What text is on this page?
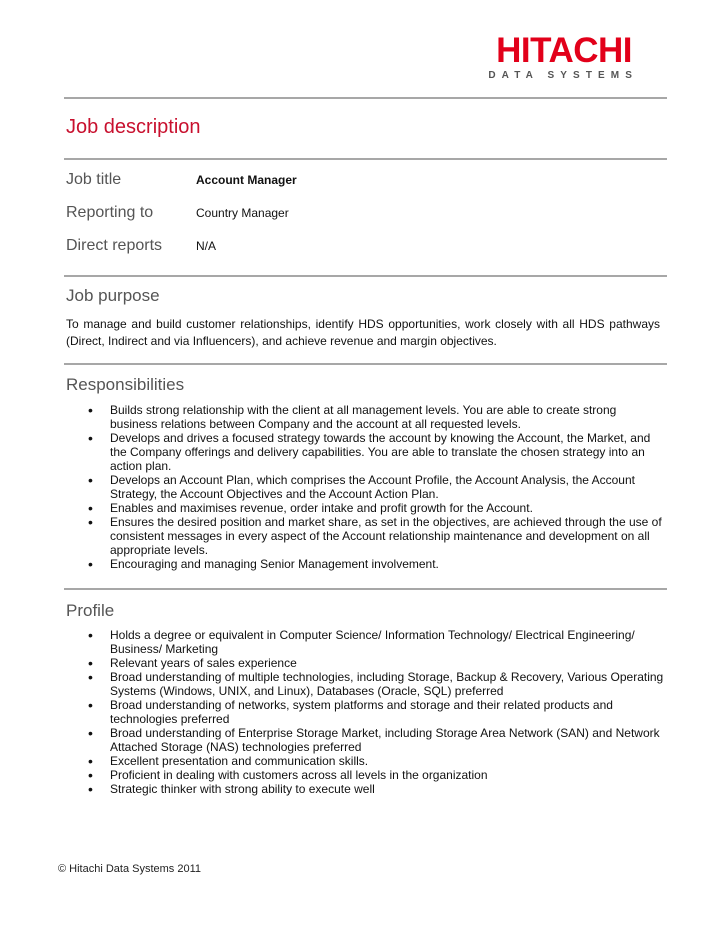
HITACHI
DATA SYSTEMS
Job description
Job title	Account Manager
Reporting to	Country Manager
Direct reports	N/A
Job purpose
To manage and build customer relationships, identify HDS opportunities, work closely with all HDS pathways (Direct, Indirect and via Influencers), and achieve revenue and margin objectives.
Responsibilities
• Builds strong relationship with the client at all management levels. You are able to create strong business relations between Company and the account at all requested levels.
• Develops and drives a focused strategy towards the account by knowing the Account, the Market, and the Company offerings and delivery capabilities. You are able to translate the chosen strategy into an action plan.
• Develops an Account Plan, which comprises the Account Profile, the Account Analysis, the Account Strategy, the Account Objectives and the Account Action Plan.
• Enables and maximises revenue, order intake and profit growth for the Account.
• Ensures the desired position and market share, as set in the objectives, are achieved through the use of consistent messages in every aspect of the Account relationship maintenance and development on all appropriate levels.
• Encouraging and managing Senior Management involvement.
Profile
• Holds a degree or equivalent in Computer Science/ Information Technology/ Electrical Engineering/ Business/ Marketing
• Relevant years of sales experience
• Broad understanding of multiple technologies, including Storage, Backup & Recovery, Various Operating Systems (Windows, UNIX, and Linux), Databases (Oracle, SQL) preferred
• Broad understanding of networks, system platforms and storage and their related products and technologies preferred
• Broad understanding of Enterprise Storage Market, including Storage Area Network (SAN) and Network Attached Storage (NAS) technologies preferred
• Excellent presentation and communication skills.
• Proficient in dealing with customers across all levels in the organization
• Strategic thinker with strong ability to execute well
© Hitachi Data Systems 2011
